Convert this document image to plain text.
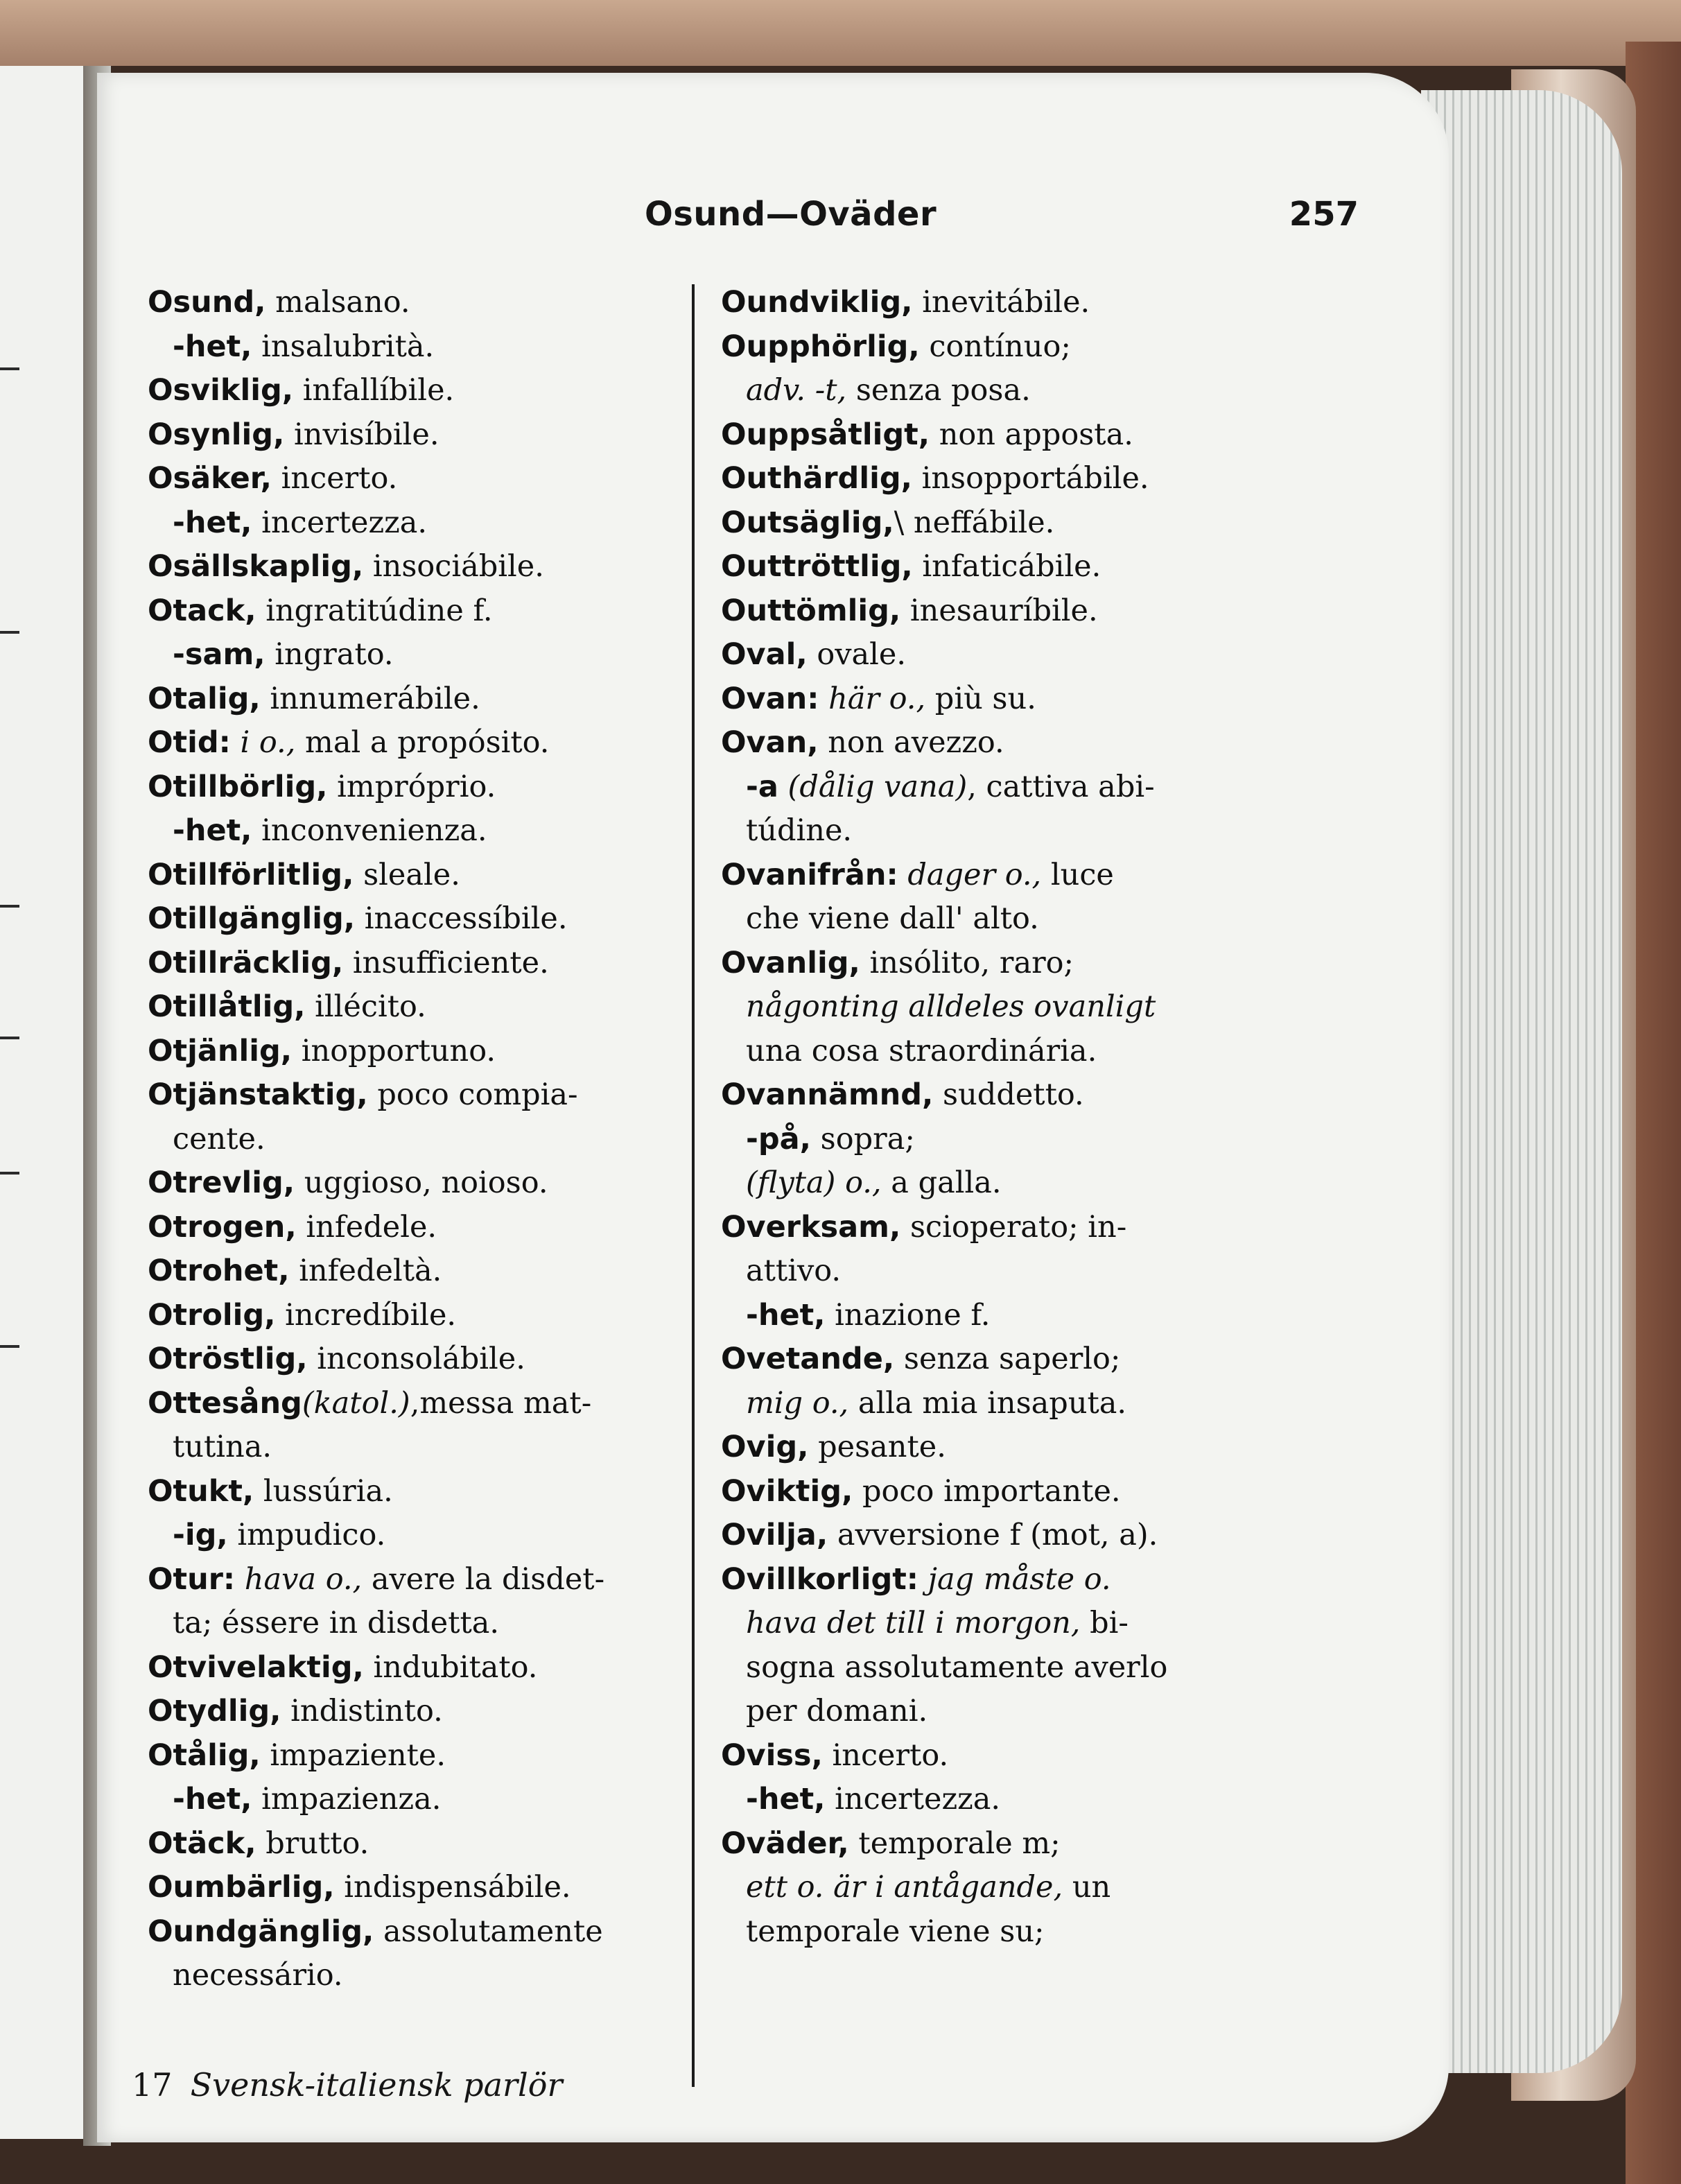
Osund—Oväder	257
Osund, malsano.
-het, insalubrità.
Osviklig, infallíbile.
Osynlig, invisíbile.
Osäker, incerto.
-het, incertezza.
Osällskaplig, insociábile.
Otack, ingratitúdine f.
-sam, ingrato.
Otalig, innumerábile.
Otid: i o., mal a propósito.
Otillbörlig, imprόprio.
-het, inconvenienza.
Otillförlitlig, sleale.
Otillgänglig, inaccessíbile.
Otillräcklig, insufficiente.
Otillåtlig, illécito.
Otjänlig, inopportuno.
Otjänstaktig, poco compia-
cente.
Otrevlig, uggioso, noioso.
Otrogen, infedele.
Otrohet, infedeltà.
Otrolig, incredíbile.
Otröstlig, inconsolábile.
Ottesång(katol.),messa mat-
tutina.
Otukt, lussúria.
-ig, impudico.
Otur: hava o., avere la disdet-
ta; éssere in disdetta.
Otvivelaktig, indubitato.
Otydlig, indistinto.
Otålig, impaziente.
-het, impazienza.
Otäck, brutto.
Oumbärlig, indispensábile.
Oundgänglig, assolutamente
necessário.
Oundviklig, inevitábile.
Oupphörlig, contínuo;
adv. -t, senza posa.
Ouppsåtligt, non apposta.
Outhärdlig, insopportábile.
Outsäglig,\ neffábile.
Outtröttlig, infaticábile.
Outtömlig, inesauríbile.
Oval, ovale.
Ovan: här o., più su.
Ovan, non avezzo.
-a (dålig vana), cattiva abi-
túdine.
Ovanifrån: dager o., luce
che viene dall' alto.
Ovanlig, insólito, raro;
någonting alldeles ovanligt
una cosa straordinária.
Ovannämnd, suddetto.
-på, sopra;
(flyta) o., a galla.
Overksam, scioperato; in-
attivo.
-het, inazione f.
Ovetande, senza saperlo;
mig o., alla mia insaputa.
Ovig, pesante.
Oviktig, poco importante.
Ovilja, avversione f (mot, a).
Ovillkorligt: jag måste o.
hava det till i morgon, bi-
sogna assolutamente averlo
per domani.
Oviss, incerto.
-het, incertezza.
Oväder, temporale m;
ett o. är i antågande, un
temporale viene su;
17 Svensk-italiensk parlör
